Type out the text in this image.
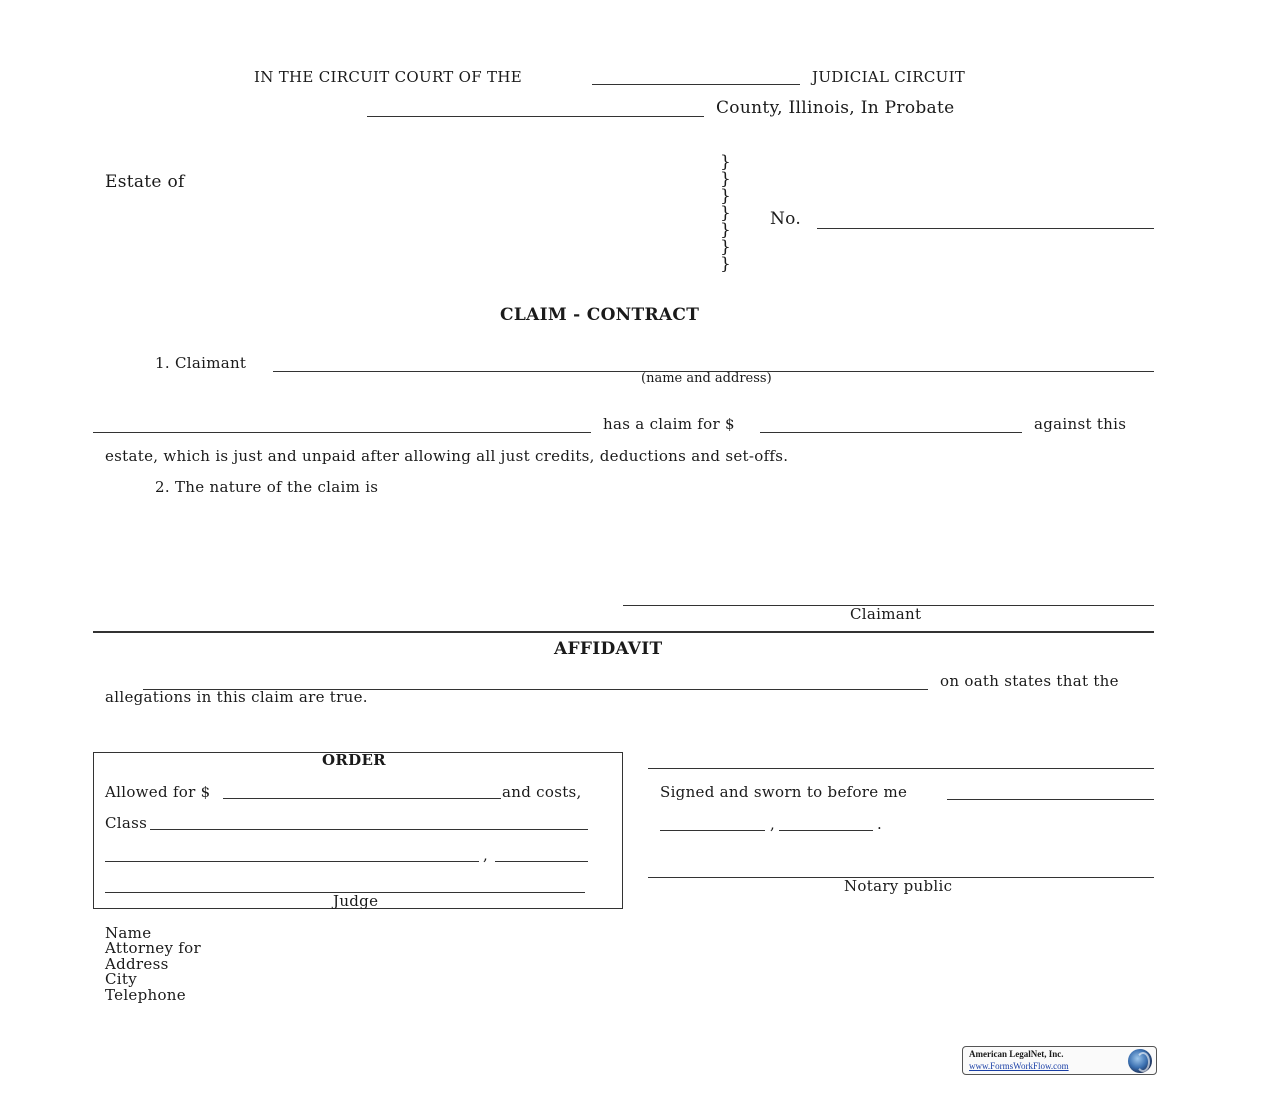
IN THE CIRCUIT COURT OF THE	JUDICIAL CIRCUIT
County, Illinois, In Probate
Estate of
}
}
}
}
}
}
}
No.
CLAIM - CONTRACT
1. Claimant
(name and address)
has a claim for $	against this
estate, which is just and unpaid after allowing all just credits, deductions and set-offs.
2. The nature of the claim is
Claimant
AFFIDAVIT
on oath states that the
allegations in this claim are true.
ORDER
Allowed for $	and costs,
Class
,
Judge
Signed and sworn to before me
,	.
Notary public
Name
Attorney for
Address
City
Telephone
American LegalNet, Inc.
www.FormsWorkFlow.com
